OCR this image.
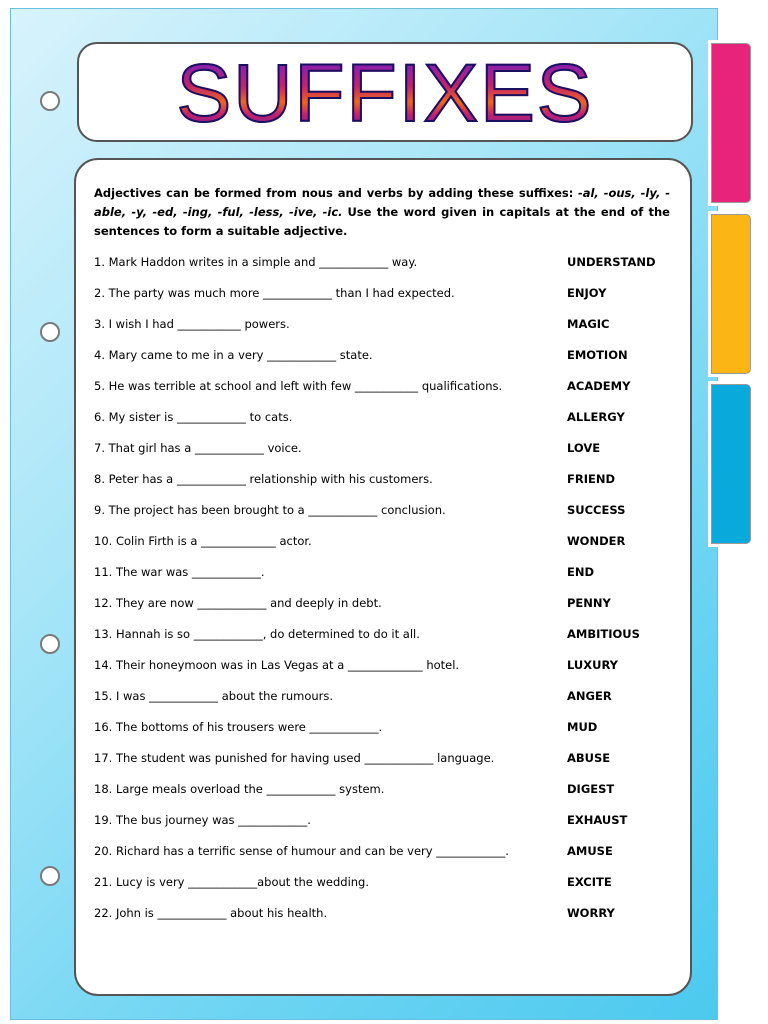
SUFFIXES
Adjectives can be formed from nous and verbs by adding these suffixes: -al, -ous, -ly, -able, -y, -ed, -ing, -ful, -less, -ive, -ic. Use the word given in capitals at the end of the sentences to form a suitable adjective.
1. Mark Haddon writes in a simple and ____________ way.	UNDERSTAND
2. The party was much more ____________ than I had expected.	ENJOY
3. I wish I had ___________ powers.	MAGIC
4. Mary came to me in a very ____________ state.	EMOTION
5. He was terrible at school and left with few ___________ qualifications.	ACADEMY
6. My sister is ____________ to cats.	ALLERGY
7. That girl has a ____________ voice.	LOVE
8. Peter has a ____________ relationship with his customers.	FRIEND
9. The project has been brought to a ____________ conclusion.	SUCCESS
10. Colin Firth is a _____________ actor.	WONDER
11. The war was ____________.	END
12. They are now ____________ and deeply in debt.	PENNY
13. Hannah is so ____________, do determined to do it all.	AMBITIOUS
14. Their honeymoon was in Las Vegas at a _____________ hotel.	LUXURY
15. I was ____________ about the rumours.	ANGER
16. The bottoms of his trousers were ____________.	MUD
17. The student was punished for having used ____________ language.	ABUSE
18. Large meals overload the ____________ system.	DIGEST
19. The bus journey was ____________.	EXHAUST
20. Richard has a terrific sense of humour and can be very ____________.	AMUSE
21. Lucy is very ____________about the wedding.	EXCITE
22. John is ____________ about his health.	WORRY
